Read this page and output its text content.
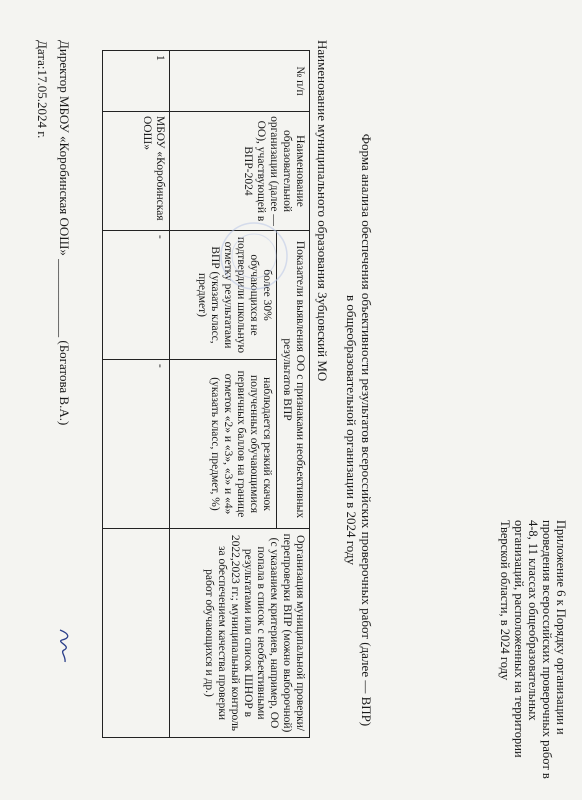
Приложение 6 к Порядку организации и проведения всероссийских проверочных работ в 4-8, 11 классах общеобразовательных организаций, расположенных на территории Тверской области, в 2024 году
Форма анализа обеспечения объективности результатов всероссийских проверочных работ (далее — ВПР)
в общеобразовательной организации в 2024 году
Наименование муниципального образования Зубцовский МО
№ п/п	Наименование образовательной организации (далее — ОО), участвующей в ВПР-2024	Показатели выявления ОО с признаками необъективных результатов ВПР		Организация муниципальной проверки/перепроверки ВПР (можно выборочной) (с указанием критериев, например, ОО попала в список с необъективными результатами или список ШНОР в 2022,2023 гг.; муниципальный контроль за обеспечением качества проверки работ обучающихся и др.)
		более 30% обучающихся не подтвердили школьную отметку результатами ВПР (указать класс, предмет)	наблюдается резкий скачок полученных обучающимися первичных баллов на границе отметок «2» и «3», «3» и «4» (указать класс, предмет, %)	
1	МБОУ «Коробинская ООШ»	-	-	
Директор МБОУ «Коробинская ООШ» ____________ (Богатова В.А.)
Дата:17.05.2024 г.
